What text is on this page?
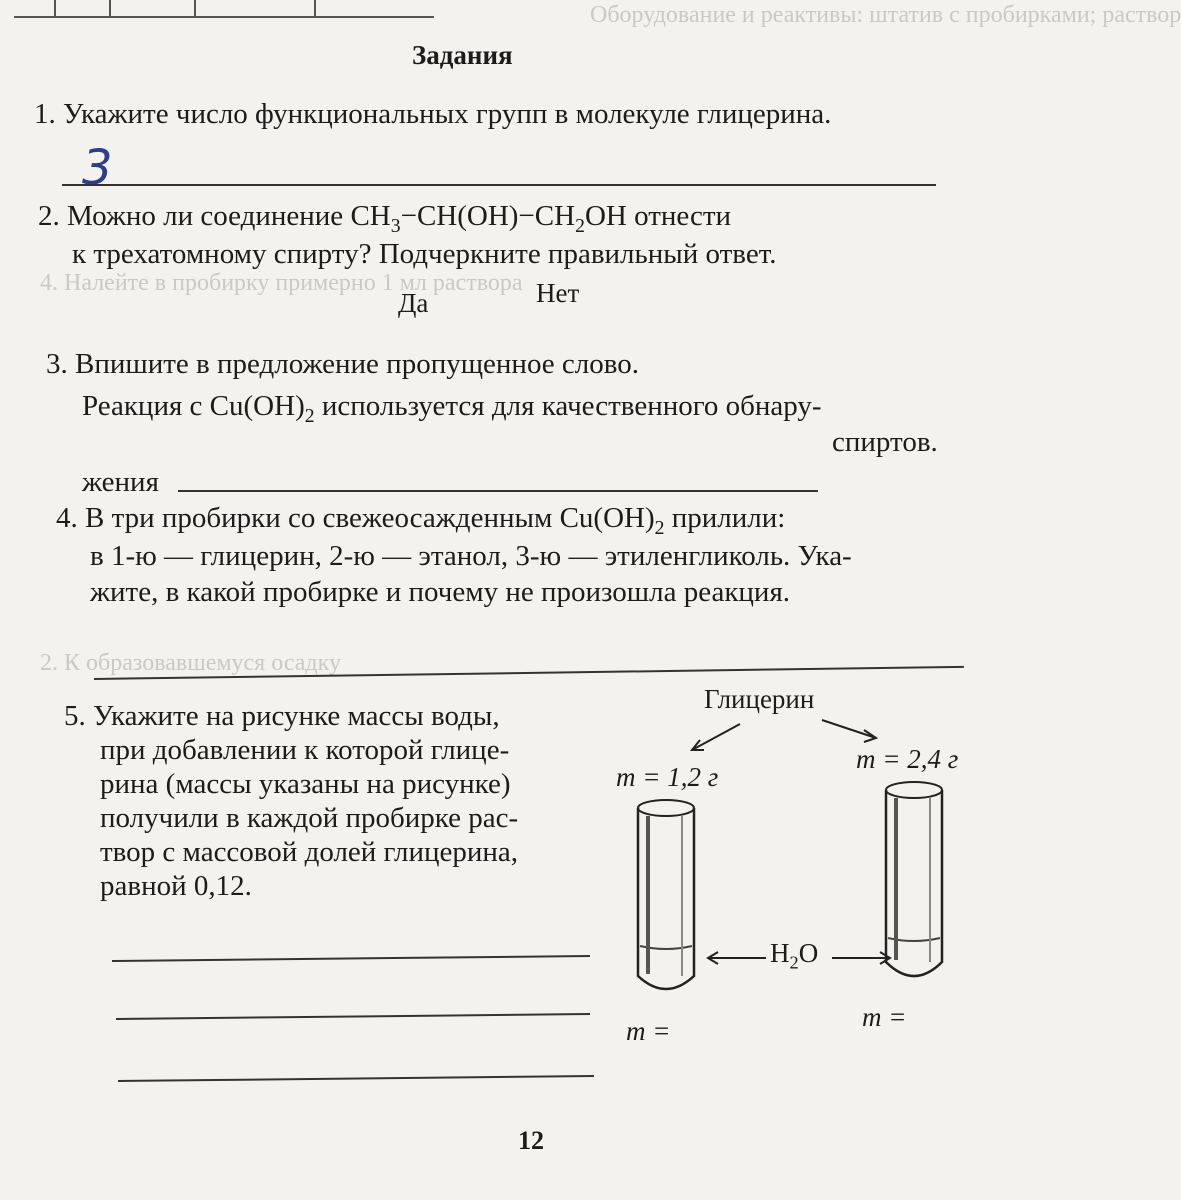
Оборудование и реактивы: штатив с пробирками; раствор
4. Налейте в пробирку примерно 1 мл раствора
2. К образовавшемуся осадку
Задания
1. Укажите число функциональных групп в молекуле глицерина.
3
2. Можно ли соединение $CH_3-CH(OH)-CH_2OH$ отнести
к трехатомному спирту? Подчеркните правильный ответ.
Да	Нет
3. Впишите в предложение пропущенное слово.
Реакция с $Cu(OH)_2$ используется для качественного обнару-
жения
спиртов.
4. В три пробирки со свежеосажденным $Cu(OH)_2$ прилили:
в 1-ю — глицерин, 2-ю — этанол, 3-ю — этиленгликоль. Ука-
жите, в какой пробирке и почему не произошла реакция.
5. Укажите на рисунке массы воды,
при добавлении к которой глице-
рина (массы указаны на рисунке)
получили в каждой пробирке рас-
твор с массовой долей глицерина,
равной 0,12.
Глицерин
m = 1,2 г
m = 2,4 г
$H_2O$
m =	m =
12
